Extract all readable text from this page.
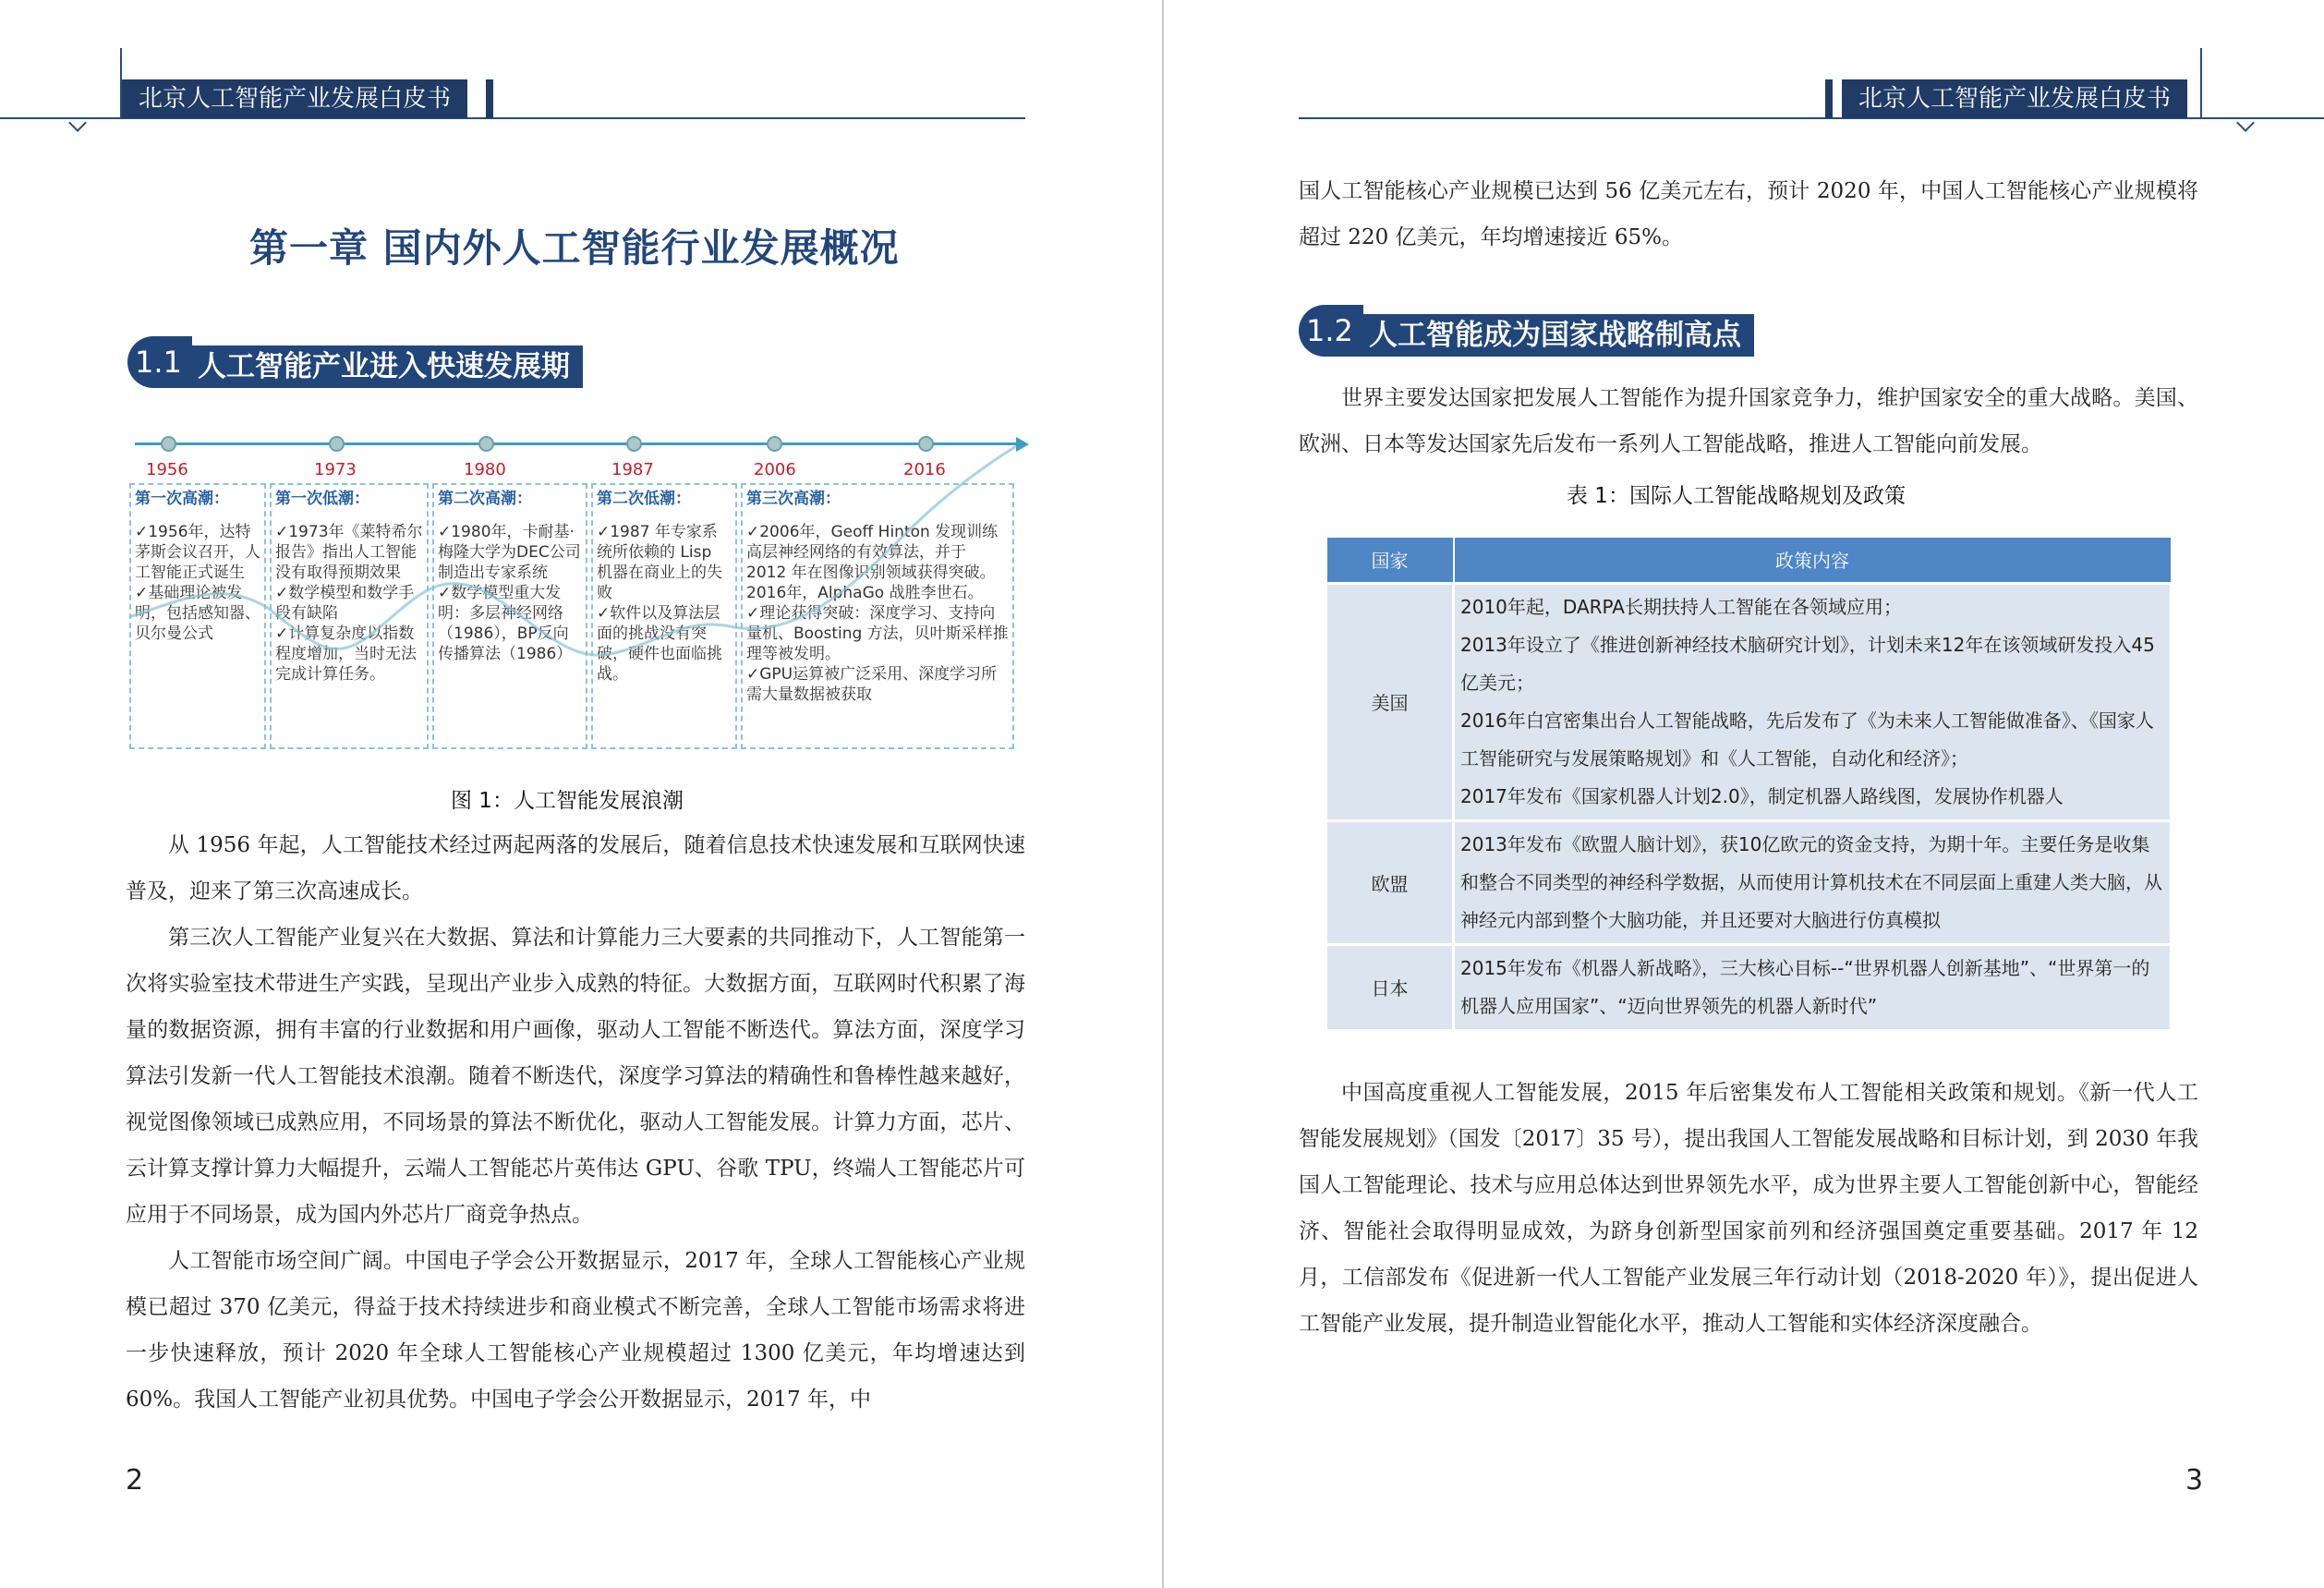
北京人工智能产业发展白皮书
第一章 国内外人工智能行业发展概况
1.1 人工智能产业进入快速发展期
1956	1973	1980	1987	2006	2016
第一次高潮：
✓1956年，达特茅斯会议召开，人工智能正式诞生
✓基础理论被发明，包括感知器、贝尔曼公式
第一次低潮：
✓1973年《莱特希尔报告》指出人工智能没有取得预期效果
✓数学模型和数学手段有缺陷
✓计算复杂度以指数程度增加，当时无法完成计算任务。
第二次高潮：
✓1980年，卡耐基·梅隆大学为DEC公司制造出专家系统
✓数学模型重大发明：多层神经网络（1986），BP反向传播算法（1986）
第二次低潮：
✓1987 年专家系统所依赖的 Lisp 机器在商业上的失败
✓软件以及算法层面的挑战没有突破，硬件也面临挑战。
第三次高潮：
✓2006年，Geoff Hinton 发现训练高层神经网络的有效算法，并于 2012 年在图像识别领域获得突破。2016年，AlphaGo 战胜李世石。
✓理论获得突破：深度学习、支持向量机、Boosting 方法，贝叶斯采样推理等被发明。
✓GPU运算被广泛采用、深度学习所需大量数据被获取
图 1：人工智能发展浪潮
从 1956 年起，人工智能技术经过两起两落的发展后，随着信息技术快速发展和互联网快速普及，迎来了第三次高速成长。
第三次人工智能产业复兴在大数据、算法和计算能力三大要素的共同推动下，人工智能第一次将实验室技术带进生产实践，呈现出产业步入成熟的特征。大数据方面，互联网时代积累了海量的数据资源，拥有丰富的行业数据和用户画像，驱动人工智能不断迭代。算法方面，深度学习算法引发新一代人工智能技术浪潮。随着不断迭代，深度学习算法的精确性和鲁棒性越来越好，视觉图像领域已成熟应用，不同场景的算法不断优化，驱动人工智能发展。计算力方面，芯片、云计算支撑计算力大幅提升，云端人工智能芯片英伟达 GPU、谷歌 TPU，终端人工智能芯片可应用于不同场景，成为国内外芯片厂商竞争热点。
人工智能市场空间广阔。中国电子学会公开数据显示，2017 年，全球人工智能核心产业规模已超过 370 亿美元，得益于技术持续进步和商业模式不断完善，全球人工智能市场需求将进一步快速释放，预计 2020 年全球人工智能核心产业规模超过 1300 亿美元，年均增速达到 60%。我国人工智能产业初具优势。中国电子学会公开数据显示，2017 年，中
2
北京人工智能产业发展白皮书
国人工智能核心产业规模已达到 56 亿美元左右，预计 2020 年，中国人工智能核心产业规模将超过 220 亿美元，年均增速接近 65%。
1.2 人工智能成为国家战略制高点
世界主要发达国家把发展人工智能作为提升国家竞争力，维护国家安全的重大战略。美国、欧洲、日本等发达国家先后发布一系列人工智能战略，推进人工智能向前发展。
表 1：国际人工智能战略规划及政策
中国高度重视人工智能发展，2015 年后密集发布人工智能相关政策和规划。《新一代人工智能发展规划》（国发〔2017〕35 号），提出我国人工智能发展战略和目标计划，到 2030 年我国人工智能理论、技术与应用总体达到世界领先水平，成为世界主要人工智能创新中心，智能经济、智能社会取得明显成效，为跻身创新型国家前列和经济强国奠定重要基础。2017 年 12 月，工信部发布《促进新一代人工智能产业发展三年行动计划（2018-2020 年）》，提出促进人工智能产业发展，提升制造业智能化水平，推动人工智能和实体经济深度融合。
3
国家	政策内容
美国	2010年起，DARPA长期扶持人工智能在各领域应用；
2013年设立了《推进创新神经技术脑研究计划》，计划未来12年在该领域研发投入45亿美元；
2016年白宫密集出台人工智能战略，先后发布了《为未来人工智能做准备》、《国家人工智能研究与发展策略规划》和《人工智能，自动化和经济》；
2017年发布《国家机器人计划2.0》，制定机器人路线图，发展协作机器人

欧盟	2013年发布《欧盟人脑计划》，获10亿欧元的资金支持，为期十年。主要任务是收集和整合不同类型的神经科学数据，从而使用计算机技术在不同层面上重建人类大脑，从神经元内部到整个大脑功能，并且还要对大脑进行仿真模拟

日本	2015年发布《机器人新战略》，三大核心目标--“世界机器人创新基地”、“世界第一的机器人应用国家”、“迈向世界领先的机器人新时代”
